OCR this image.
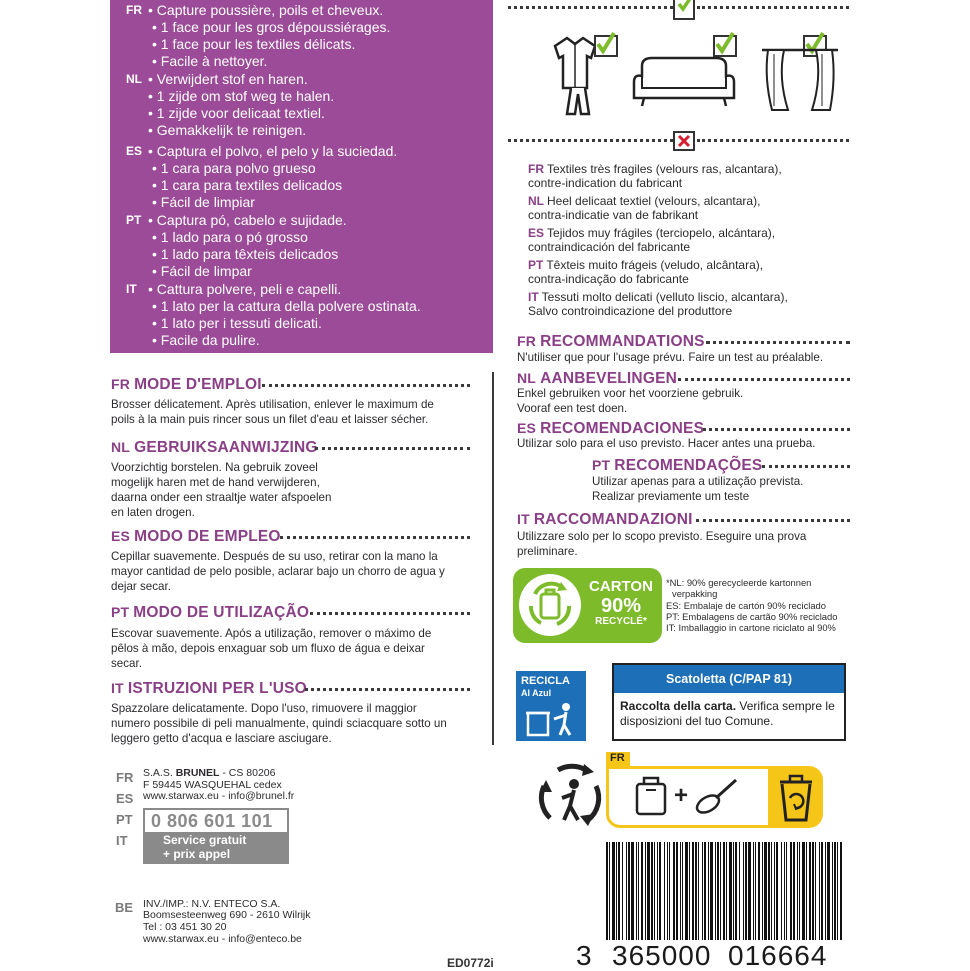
FR • Capture poussière, poils et cheveux.
• 1 face pour les gros dépoussiérages.
• 1 face pour les textiles délicats.
• Facile à nettoyer.
NL • Verwijdert stof en haren.
• 1 zijde om stof weg te halen.
• 1 zijde voor delicaat textiel.
• Gemakkelijk te reinigen.
ES • Captura el polvo, el pelo y la suciedad.
• 1 cara para polvo grueso
• 1 cara para textiles delicados
• Fácil de limpiar
PT • Captura pó, cabelo e sujidade.
• 1 lado para o pó grosso
• 1 lado para têxteis delicados
• Fácil de limpar
IT • Cattura polvere, peli e capelli.
• 1 lato per la cattura della polvere ostinata.
• 1 lato per i tessuti delicati.
• Facile da pulire.
FR MODE D'EMPLOI
Brosser délicatement. Après utilisation, enlever le maximum de poils à la main puis rincer sous un filet d'eau et laisser sécher.
NL GEBRUIKSAANWIJZING
Voorzichtig borstelen. Na gebruik zoveel mogelijk haren met de hand verwijderen, daarna onder een straaltje water afspoelen en laten drogen.
ES MODO DE EMPLEO
Cepillar suavemente. Después de su uso, retirar con la mano la mayor cantidad de pelo posible, aclarar bajo un chorro de agua y dejar secar.
PT MODO DE UTILIZAÇÃO
Escovar suavemente. Após a utilização, remover o máximo de pêlos à mão, depois enxaguar sob um fluxo de água e deixar secar.
IT ISTRUZIONI PER L'USO
Spazzolare delicatamente. Dopo l'uso, rimuovere il maggior numero possibile di peli manualmente, quindi sciacquare sotto un leggero getto d'acqua e lasciare asciugare.
FR Textiles très fragiles (velours ras, alcantara),
contre-indication du fabricant
NL Heel delicaat textiel (velours, alcantara),
contra-indicatie van de fabrikant
ES Tejidos muy frágiles (terciopelo, alcántara),
contraindicación del fabricante
PT Têxteis muito frágeis (veludo, alcântara),
contra-indicação do fabricante
IT Tessuti molto delicati (velluto liscio, alcantara),
Salvo controindicazione del produttore
FR RECOMMANDATIONS
N'utiliser que pour l'usage prévu. Faire un test au préalable.
NL AANBEVELINGEN
Enkel gebruiken voor het voorziene gebruik.
Vooraf een test doen.
ES RECOMENDACIONES
Utilizar solo para el uso previsto. Hacer antes una prueba.
PT RECOMENDAÇÕES
Utilizar apenas para a utilização prevista.
Realizar previamente um teste
IT RACCOMANDAZIONI
Utilizzare solo per lo scopo previsto. Eseguire una prova
preliminare.
CARTON
90%
RECYCLÉ*
*NL: 90% gerecycleerde kartonnen
verpakking
ES: Embalaje de cartón 90% reciclado
PT: Embalagens de cartão 90% reciclado
IT: Imballaggio in cartone riciclato al 90%
RECICLA
Al Azul
Scatoletta (C/PAP 81)
Raccolta della carta. Verifica sempre le disposizioni del tuo Comune.
FR
+
FR
ES
PT
IT
S.A.S. BRUNEL - CS 80206
F 59445 WASQUEHAL cedex
www.starwax.eu - info@brunel.fr
0 806 601 101
Service gratuit
+ prix appel
BE INV./IMP.: N.V. ENTECO S.A.
Boomsesteenweg 690 - 2610 Wilrijk
Tel : 03 451 30 20
www.starwax.eu - info@enteco.be
ED0772i	3 365000 016664
